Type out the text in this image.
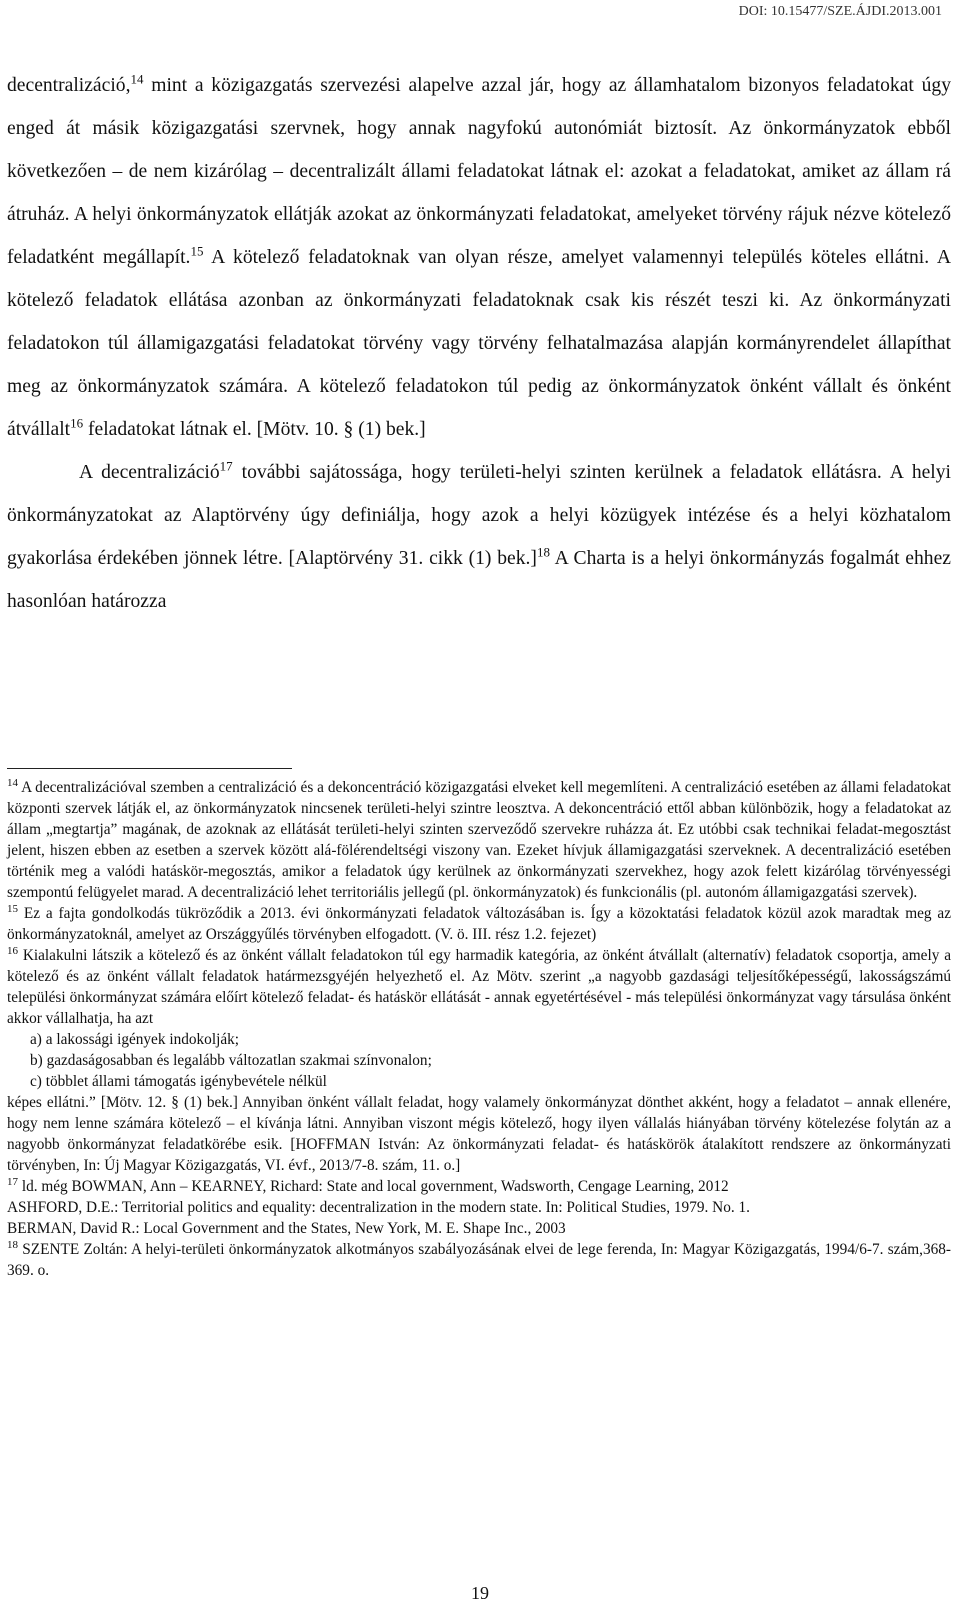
DOI: 10.15477/SZE.ÁJDI.2013.001

decentralizáció,$^{14}$ mint a közigazgatás szervezési alapelve azzal jár, hogy az államhatalom bizonyos feladatokat úgy enged át másik közigazgatási szervnek, hogy annak nagyfokú autonómiát biztosít. Az önkormányzatok ebből következően – de nem kizárólag – decentralizált állami feladatokat látnak el: azokat a feladatokat, amiket az állam rá átruház. A helyi önkormányzatok ellátják azokat az önkormányzati feladatokat, amelyeket törvény rájuk nézve kötelező feladatként megállapít.$^{15}$ A kötelező feladatoknak van olyan része, amelyet valamennyi település köteles ellátni. A kötelező feladatok ellátása azonban az önkormányzati feladatoknak csak kis részét teszi ki. Az önkormányzati feladatokon túl államigazgatási feladatokat törvény vagy törvény felhatalmazása alapján kormányrendelet állapíthat meg az önkormányzatok számára. A kötelező feladatokon túl pedig az önkormányzatok önként vállalt és önként átvállalt$^{16}$ feladatokat látnak el. [Mötv. 10. § (1) bek.]

A decentralizáció$^{17}$ további sajátossága, hogy területi-helyi szinten kerülnek a feladatok ellátásra. A helyi önkormányzatokat az Alaptörvény úgy definiálja, hogy azok a helyi közügyek intézése és a helyi közhatalom gyakorlása érdekében jönnek létre. [Alaptörvény 31. cikk (1) bek.]$^{18}$ A Charta is a helyi önkormányzás fogalmát ehhez hasonlóan határozza

$^{14}$ A decentralizációval szemben a centralizáció és a dekoncentráció közigazgatási elveket kell megemlíteni. A centralizáció esetében az állami feladatokat központi szervek látják el, az önkormányzatok nincsenek területi-helyi szintre leosztva. A dekoncentráció ettől abban különbözik, hogy a feladatokat az állam „megtartja” magának, de azoknak az ellátását területi-helyi szinten szerveződő szervekre ruházza át. Ez utóbbi csak technikai feladat-megosztást jelent, hiszen ebben az esetben a szervek között alá-fölérendeltségi viszony van. Ezeket hívjuk államigazgatási szerveknek. A decentralizáció esetében történik meg a valódi hatáskör-megosztás, amikor a feladatok úgy kerülnek az önkormányzati szervekhez, hogy azok felett kizárólag törvényességi szempontú felügyelet marad. A decentralizáció lehet territoriális jellegű (pl. önkormányzatok) és funkcionális (pl. autonóm államigazgatási szervek).

$^{15}$ Ez a fajta gondolkodás tükröződik a 2013. évi önkormányzati feladatok változásában is. Így a közoktatási feladatok közül azok maradtak meg az önkormányzatoknál, amelyet az Országgyűlés törvényben elfogadott. (V. ö. III. rész 1.2. fejezet)

$^{16}$ Kialakulni látszik a kötelező és az önként vállalt feladatokon túl egy harmadik kategória, az önként átvállalt (alternatív) feladatok csoportja, amely a kötelező és az önként vállalt feladatok határmezsgyéjén helyezhető el. Az Mötv. szerint „a nagyobb gazdasági teljesítőképességű, lakosságszámú települési önkormányzat számára előírt kötelező feladat- és hatáskör ellátását - annak egyetértésével - más települési önkormányzat vagy társulása önként akkor vállalhatja, ha azt

a) a lakossági igények indokolják;

b) gazdaságosabban és legalább változatlan szakmai színvonalon;

c) többlet állami támogatás igénybevétele nélkül

képes ellátni.” [Mötv. 12. § (1) bek.] Annyiban önként vállalt feladat, hogy valamely önkormányzat dönthet akként, hogy a feladatot – annak ellenére, hogy nem lenne számára kötelező – el kívánja látni. Annyiban viszont mégis kötelező, hogy ilyen vállalás hiányában törvény kötelezése folytán az a nagyobb önkormányzat feladatkörébe esik. [HOFFMAN István: Az önkormányzati feladat- és hatáskörök átalakított rendszere az önkormányzati törvényben, In: Új Magyar Közigazgatás, VI. évf., 2013/7-8. szám, 11. o.]

$^{17}$ ld. még BOWMAN, Ann – KEARNEY, Richard: State and local government, Wadsworth, Cengage Learning, 2012

ASHFORD, D.E.: Territorial politics and equality: decentralization in the modern state. In: Political Studies, 1979. No. 1.

BERMAN, David R.: Local Government and the States, New York, M. E. Shape Inc., 2003

$^{18}$ SZENTE Zoltán: A helyi-területi önkormányzatok alkotmányos szabályozásának elvei de lege ferenda, In: Magyar Közigazgatás, 1994/6-7. szám,368-369. o.

19
